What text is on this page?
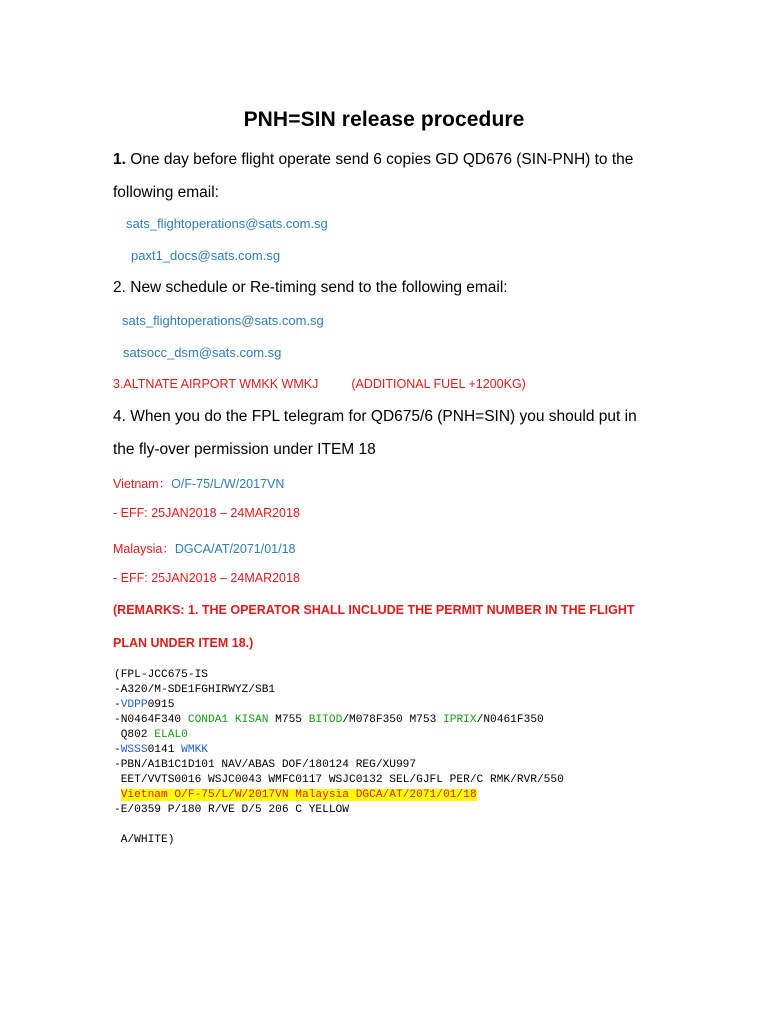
PNH=SIN release procedure
1. One day before flight operate send 6 copies GD QD676 (SIN-PNH) to the
following email:
sats_flightoperations@sats.com.sg
paxt1_docs@sats.com.sg
2. New schedule or Re-timing send to the following email:
sats_flightoperations@sats.com.sg
satsocc_dsm@sats.com.sg
3.ALTNATE AIRPORT WMKK WMKJ	(ADDITIONAL FUEL +1200KG)
4. When you do the FPL telegram for QD675/6 (PNH=SIN) you should put in
the fly-over permission under ITEM 18
Vietnam：O/F-75/L/W/2017VN
- EFF: 25JAN2018 – 24MAR2018
Malaysia：DGCA/AT/2071/01/18
- EFF: 25JAN2018 – 24MAR2018
(REMARKS: 1. THE OPERATOR SHALL INCLUDE THE PERMIT NUMBER IN THE FLIGHT
PLAN UNDER ITEM 18.)
(FPL-JCC675-IS
-A320/M-SDE1FGHIRWYZ/SB1
-VDPP0915
-N0464F340 CONDA1 KISAN M755 BITOD/M078F350 M753 IPRIX/N0461F350
Q802 ELAL0
-WSSS0141 WMKK
-PBN/A1B1C1D101 NAV/ABAS DOF/180124 REG/XU997
EET/VVTS0016 WSJC0043 WMFC0117 WSJC0132 SEL/GJFL PER/C RMK/RVR/550
Vietnam O/F-75/L/W/2017VN Malaysia DGCA/AT/2071/01/18
-E/0359 P/180 R/VE D/5 206 C YELLOW

A/WHITE)
